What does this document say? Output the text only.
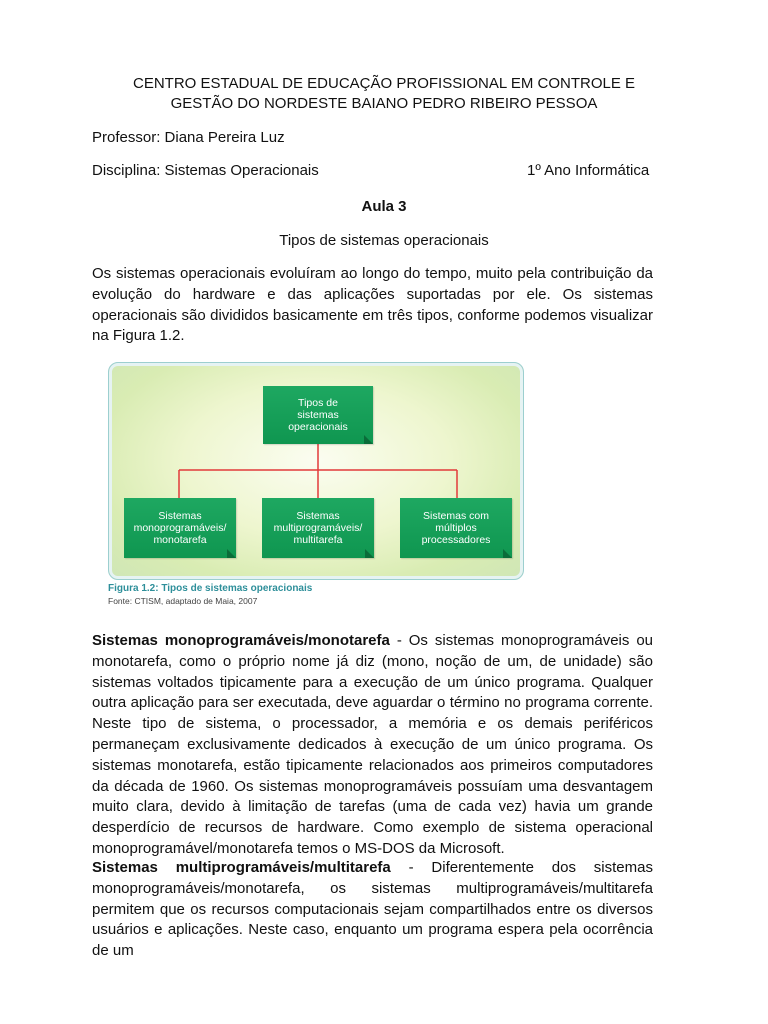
CENTRO ESTADUAL DE EDUCAÇÃO PROFISSIONAL EM CONTROLE E
GESTÃO DO NORDESTE BAIANO PEDRO RIBEIRO PESSOA
Professor: Diana Pereira Luz
Disciplina: Sistemas Operacionais	1º Ano Informática
Aula 3
Tipos de sistemas operacionais
Os sistemas operacionais evoluíram ao longo do tempo, muito pela contribuição da evolução do hardware e das aplicações suportadas por ele. Os sistemas operacionais são divididos basicamente em três tipos, conforme podemos visualizar na Figura 1.2.
Tipos de sistemas operacionais
Sistemas monoprogramáveis/ monotarefa
Sistemas multiprogramáveis/ multitarefa
Sistemas com múltiplos processadores
Figura 1.2: Tipos de sistemas operacionais
Fonte: CTISM, adaptado de Maia, 2007
Sistemas monoprogramáveis/monotarefa - Os sistemas monoprogramáveis ou monotarefa, como o próprio nome já diz (mono, noção de um, de unidade) são sistemas voltados tipicamente para a execução de um único programa. Qualquer outra aplicação para ser executada, deve aguardar o término no programa corrente. Neste tipo de sistema, o processador, a memória e os demais periféricos permaneçam exclusivamente dedicados à execução de um único programa. Os sistemas monotarefa, estão tipicamente relacionados aos primeiros computadores da década de 1960. Os sistemas monoprogramáveis possuíam uma desvantagem muito clara, devido à limitação de tarefas (uma de cada vez) havia um grande desperdício de recursos de hardware. Como exemplo de sistema operacional monoprogramável/monotarefa temos o MS-DOS da Microsoft.
Sistemas multiprogramáveis/multitarefa - Diferentemente dos sistemas monoprogramáveis/monotarefa, os sistemas multiprogramáveis/multitarefa permitem que os recursos computacionais sejam compartilhados entre os diversos usuários e aplicações. Neste caso, enquanto um programa espera pela ocorrência de um
